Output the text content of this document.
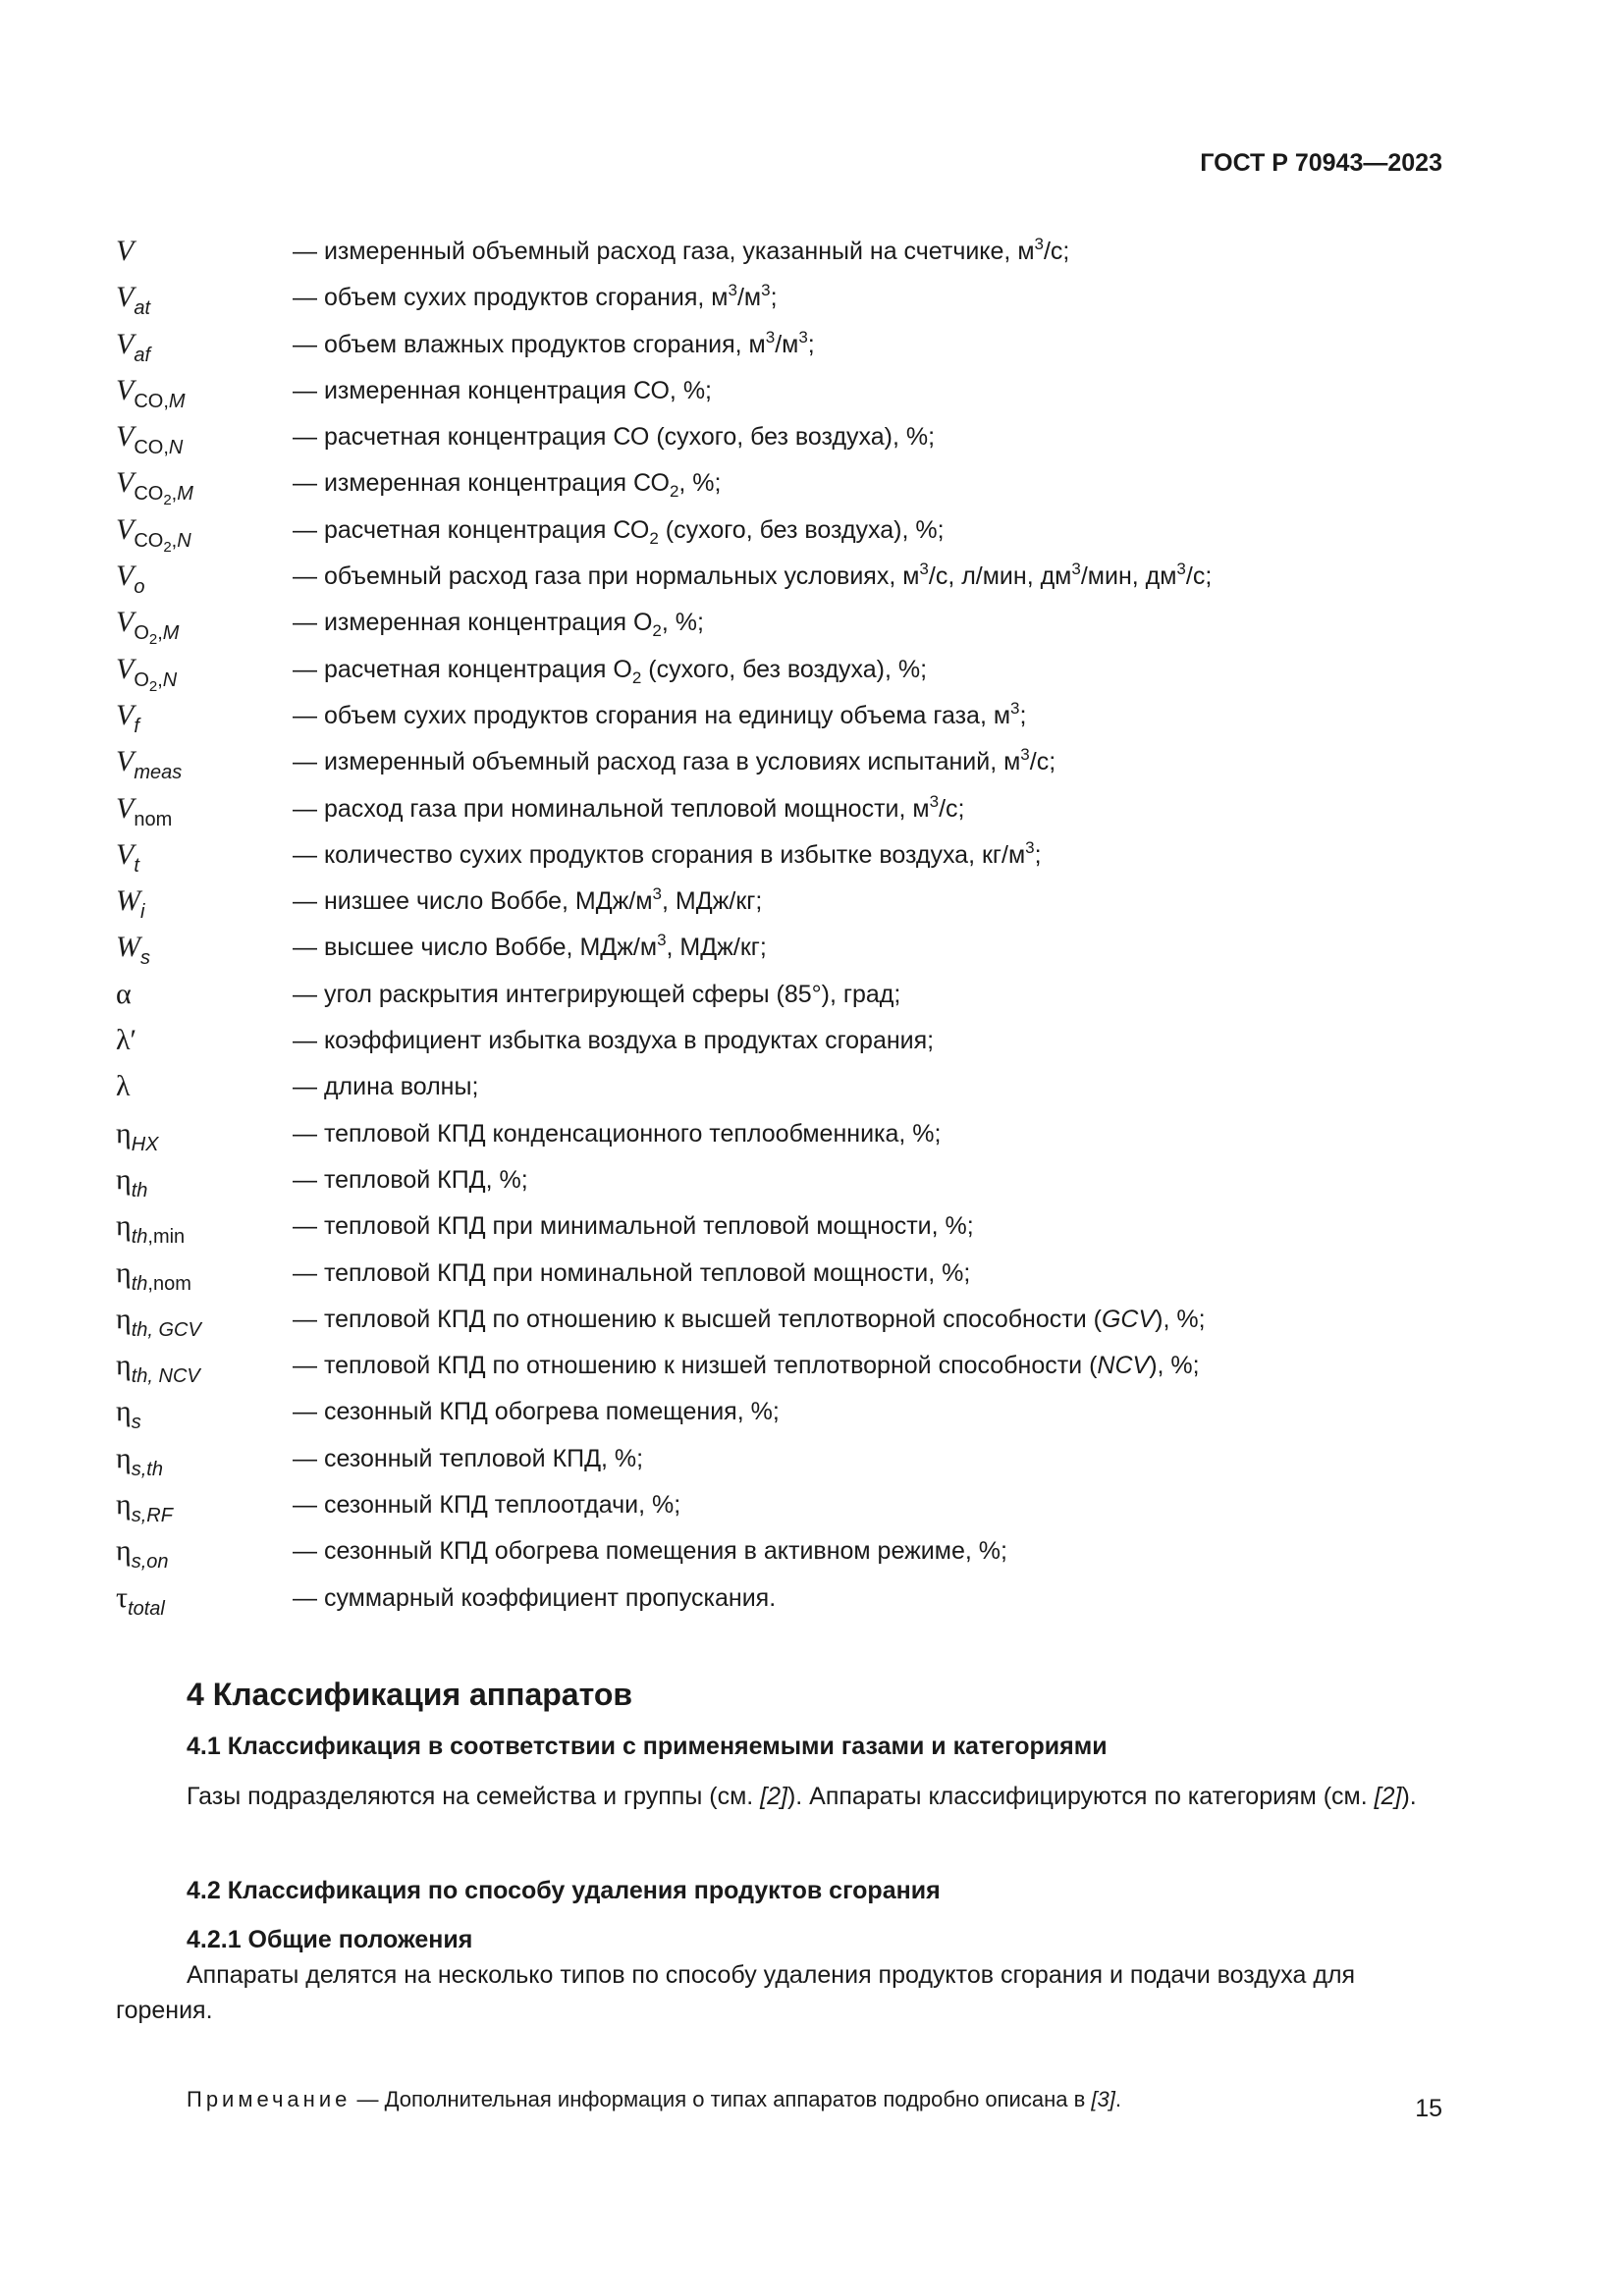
ГОСТ Р 70943—2023
V	— измеренный объемный расход газа, указанный на счетчике, $м^3/с$;
$V_{at}$	— объем сухих продуктов сгорания, $м^3/м^3$;
$V_{af}$	— объем влажных продуктов сгорания, $м^3/м^3$;
$V_{CO,M}$	— измеренная концентрация СО, %;
$V_{CO,N}$	— расчетная концентрация СО (сухого, без воздуха), %;
$V_{CO_2,M}$	— измеренная концентрация $СО_2$, %;
$V_{CO_2,N}$	— расчетная концентрация $СО_2$ (сухого, без воздуха), %;
$V_o$	— объемный расход газа при нормальных условиях, $м^3/с$, л/мин, $дм^3$/мин, $дм^3/с$;
$V_{O_2,M}$	— измеренная концентрация $О_2$, %;
$V_{O_2,N}$	— расчетная концентрация $О_2$ (сухого, без воздуха), %;
$V_f$	— объем сухих продуктов сгорания на единицу объема газа, $м^3$;
$V_{meas}$	— измеренный объемный расход газа в условиях испытаний, $м^3/с$;
$V_{nom}$	— расход газа при номинальной тепловой мощности, $м^3/с$;
$V_t$	— количество сухих продуктов сгорания в избытке воздуха, $кг/м^3$;
$W_i$	— низшее число Воббе, МДж/$м^3$, МДж/кг;
$W_s$	— высшее число Воббе, МДж/$м^3$, МДж/кг;
α	— угол раскрытия интегрирующей сферы (85°), град;
λ′	— коэффициент избытка воздуха в продуктах сгорания;
λ	— длина волны;
$\eta_{HX}$	— тепловой КПД конденсационного теплообменника, %;
$\eta_{th}$	— тепловой КПД, %;
$\eta_{th,min}$	— тепловой КПД при минимальной тепловой мощности, %;
$\eta_{th,nom}$	— тепловой КПД при номинальной тепловой мощности, %;
$\eta_{th, GCV}$	— тепловой КПД по отношению к высшей теплотворной способности (GCV), %;
$\eta_{th, NCV}$	— тепловой КПД по отношению к низшей теплотворной способности (NCV), %;
$\eta_s$	— сезонный КПД обогрева помещения, %;
$\eta_{s,th}$	— сезонный тепловой КПД, %;
$\eta_{s,RF}$	— сезонный КПД теплоотдачи, %;
$\eta_{s,on}$	— сезонный КПД обогрева помещения в активном режиме, %;
$\tau_{total}$	— суммарный коэффициент пропускания.
4 Классификация аппаратов
4.1 Классификация в соответствии с применяемыми газами и категориями
Газы подразделяются на семейства и группы (см. [2]). Аппараты классифицируются по категориям (см. [2]).
4.2 Классификация по способу удаления продуктов сгорания
4.2.1 Общие положения
Аппараты делятся на несколько типов по способу удаления продуктов сгорания и подачи воздуха для горения.
Примечание — Дополнительная информация о типах аппаратов подробно описана в [3].	15
